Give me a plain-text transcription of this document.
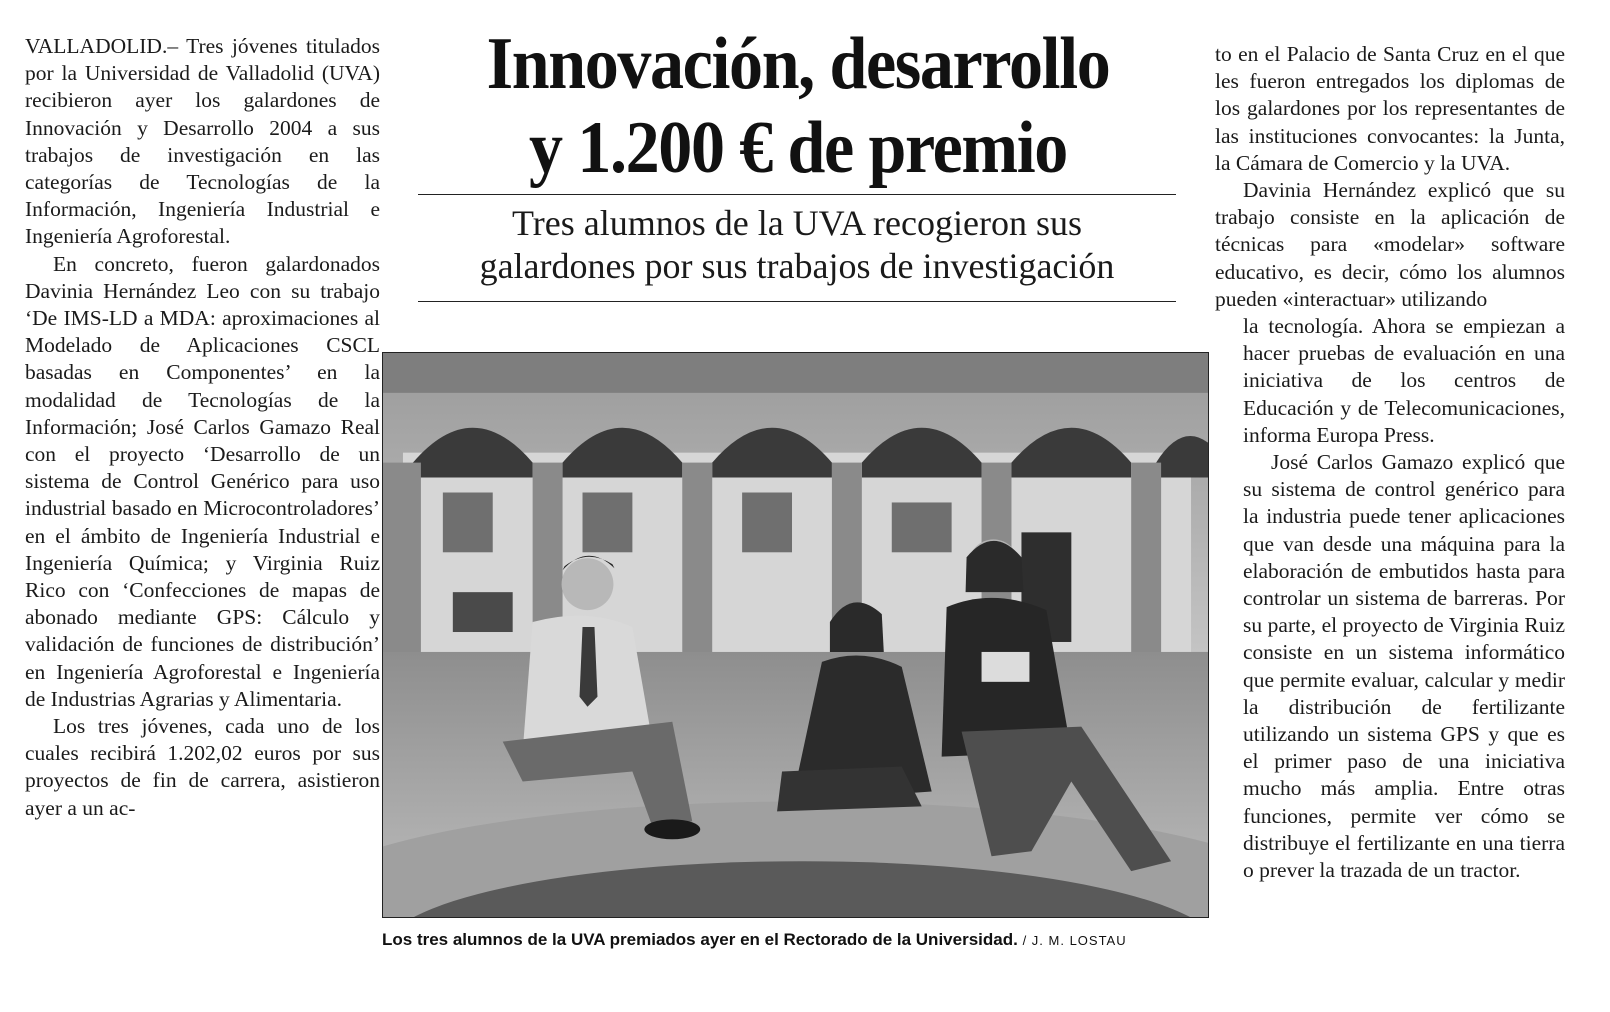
VALLADOLID.– Tres jóvenes titulados por la Universidad de Valladolid (UVA) recibieron ayer los galardones de Innovación y Desarrollo 2004 a sus trabajos de investigación en las categorías de Tecnologías de la Información, Ingeniería Industrial e Ingeniería Agroforestal.

En concreto, fueron galardonados Davinia Hernández Leo con su trabajo ‘De IMS-LD a MDA: aproximaciones al Modelado de Aplicaciones CSCL basadas en Componentes’ en la modalidad de Tecnologías de la Información; José Carlos Gamazo Real con el proyecto ‘Desarrollo de un sistema de Control Genérico para uso industrial basado en Microcontroladores’ en el ámbito de Ingeniería Industrial e Ingeniería Química; y Virginia Ruiz Rico con ‘Confecciones de mapas de abonado mediante GPS: Cálculo y validación de funciones de distribución’ en Ingeniería Agroforestal e Ingeniería de Industrias Agrarias y Alimentaria.

Los tres jóvenes, cada uno de los cuales recibirá 1.202,02 euros por sus proyectos de fin de carrera, asistieron ayer a un ac-

Innovación, desarrollo
y 1.200 € de premio
Tres alumnos de la UVA recogieron sus
galardones por sus trabajos de investigación
Los tres alumnos de la UVA premiados ayer en el Rectorado de la Universidad. / J. M. LOSTAU

to en el Palacio de Santa Cruz en el que les fueron entregados los diplomas de los galardones por los representantes de las instituciones convocantes: la Junta, la Cámara de Comercio y la UVA.

Davinia Hernández explicó que su trabajo consiste en la aplicación de técnicas para «modelar» software educativo, es decir, cómo los alumnos pueden «interactuar» utilizando

la tecnología. Ahora se empiezan a hacer pruebas de evaluación en una iniciativa de los centros de Educación y de Telecomunicaciones, informa Europa Press.

José Carlos Gamazo explicó que su sistema de control genérico para la industria puede tener aplicaciones que van desde una máquina para la elaboración de embutidos hasta para controlar un sistema de barreras. Por su parte, el proyecto de Virginia Ruiz consiste en un sistema informático que permite evaluar, calcular y medir la distribución de fertilizante utilizando un sistema GPS y que es el primer paso de una iniciativa mucho más amplia. Entre otras funciones, permite ver cómo se distribuye el fertilizante en una tierra o prever la trazada de un tractor.
